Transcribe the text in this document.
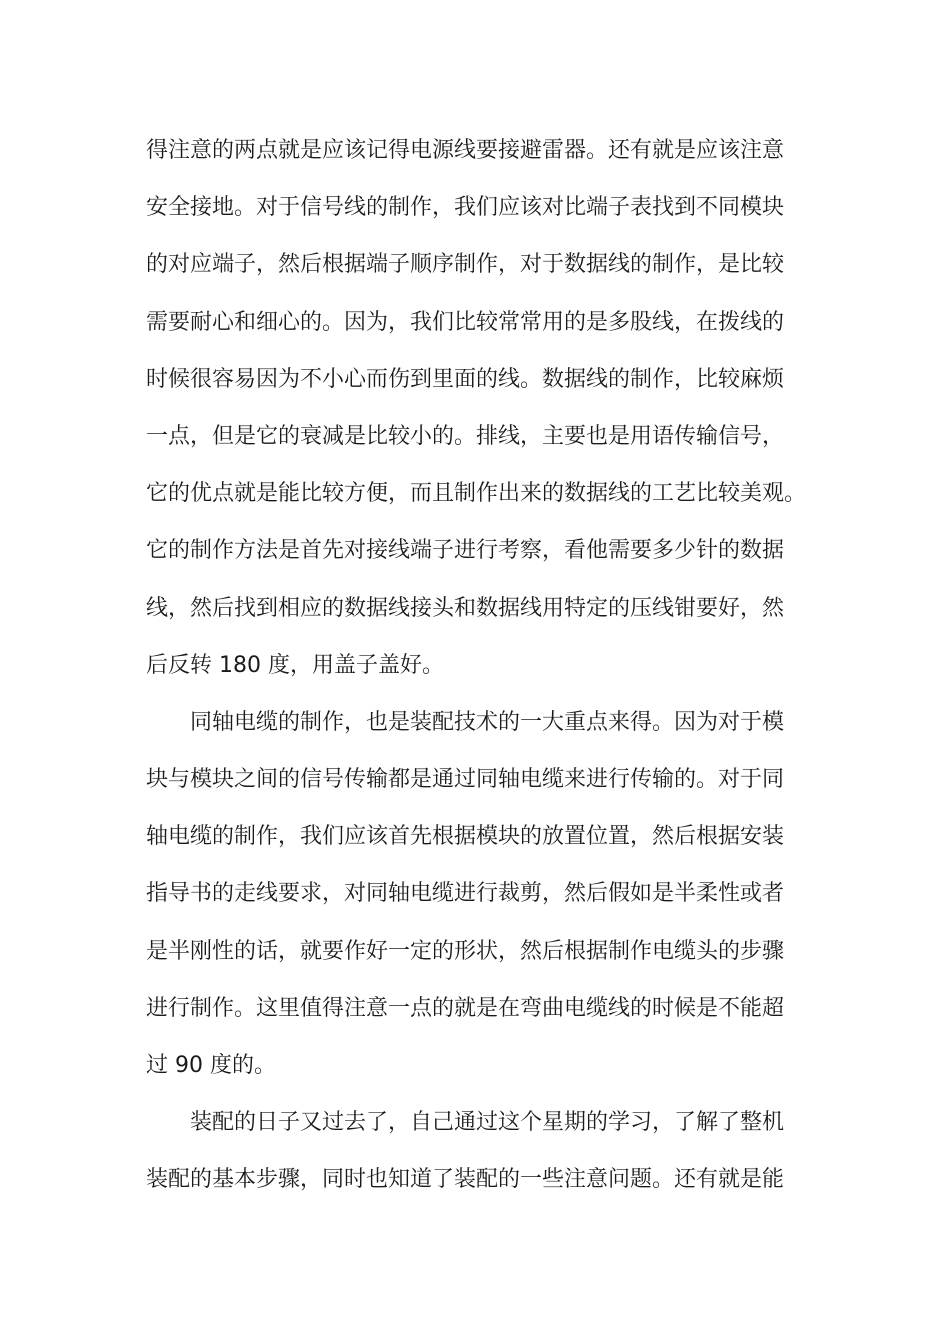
得注意的两点就是应该记得电源线要接避雷器。还有就是应该注意
安全接地。对于信号线的制作，我们应该对比端子表找到不同模块
的对应端子，然后根据端子顺序制作，对于数据线的制作，是比较
需要耐心和细心的。因为，我们比较常常用的是多股线，在拨线的
时候很容易因为不小心而伤到里面的线。数据线的制作，比较麻烦
一点，但是它的衰减是比较小的。排线，主要也是用语传输信号，
它的优点就是能比较方便，而且制作出来的数据线的工艺比较美观。
它的制作方法是首先对接线端子进行考察，看他需要多少针的数据
线，然后找到相应的数据线接头和数据线用特定的压线钳要好，然
后反转 180 度，用盖子盖好。
同轴电缆的制作，也是装配技术的一大重点来得。因为对于模
块与模块之间的信号传输都是通过同轴电缆来进行传输的。对于同
轴电缆的制作，我们应该首先根据模块的放置位置，然后根据安装
指导书的走线要求，对同轴电缆进行裁剪，然后假如是半柔性或者
是半刚性的话，就要作好一定的形状，然后根据制作电缆头的步骤
进行制作。这里值得注意一点的就是在弯曲电缆线的时候是不能超
过 90 度的。
装配的日子又过去了，自己通过这个星期的学习，了解了整机
装配的基本步骤，同时也知道了装配的一些注意问题。还有就是能
